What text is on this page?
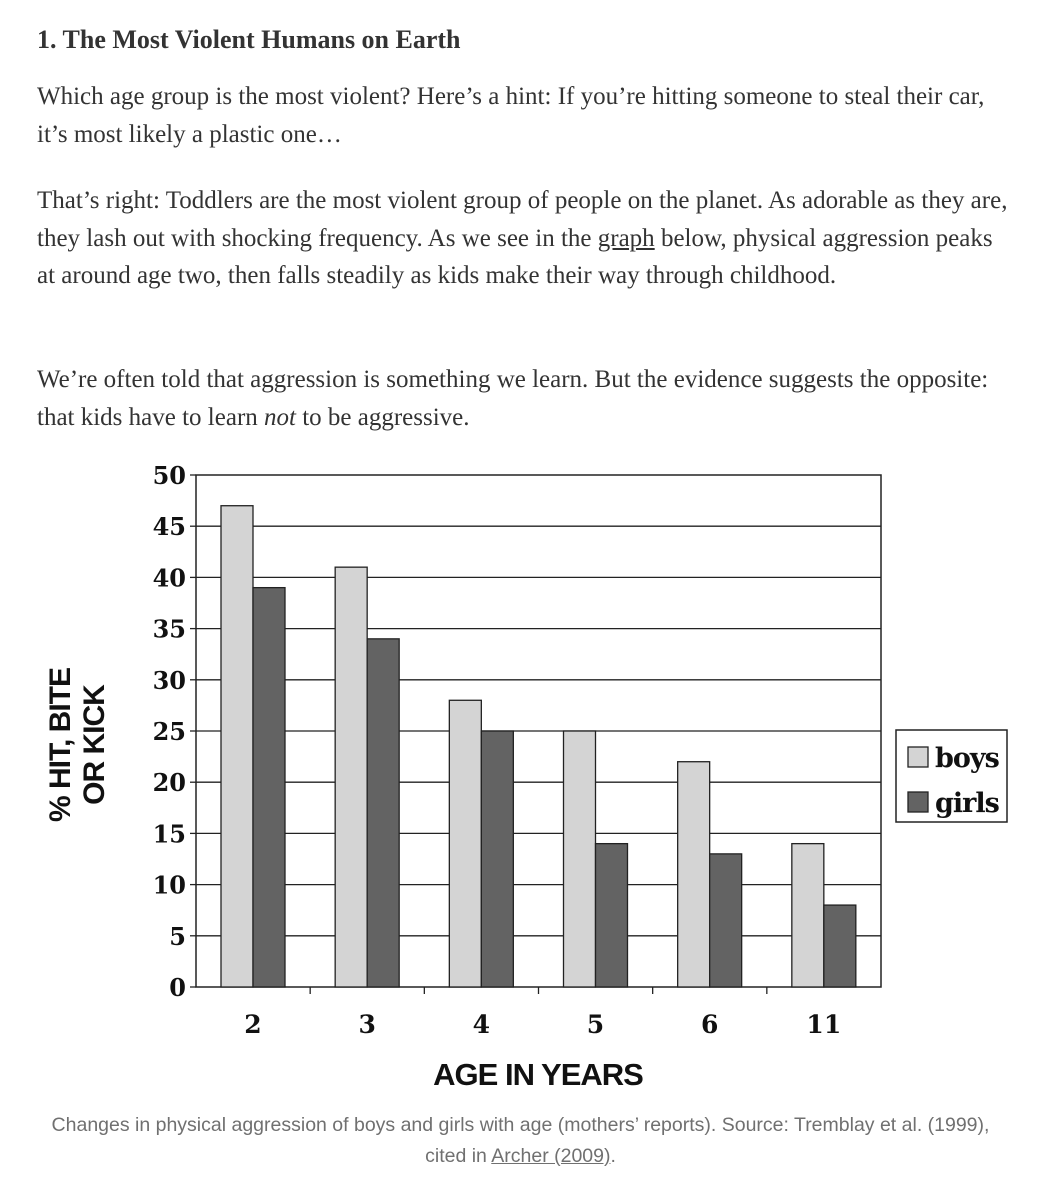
1. The Most Violent Humans on Earth

Which age group is the most violent? Here’s a hint: If you’re hitting someone to steal their car, it’s most likely a plastic one…

That’s right: Toddlers are the most violent group of people on the planet. As adorable as they are, they lash out with shocking frequency. As we see in the graph below, physical aggression peaks at around age two, then falls steadily as kids make their way through childhood.

We’re often told that aggression is something we learn. But the evidence suggests the opposite: that kids have to learn not to be aggressive.

0
5
10
15
20
25
30
35
40
45
50
2	3	4	5	6	11
AGE IN YEARS
% HIT, BITEOR KICK	boys
girls
Changes in physical aggression of boys and girls with age (mothers’ reports). Source: Tremblay et al. (1999), cited in Archer (2009).
